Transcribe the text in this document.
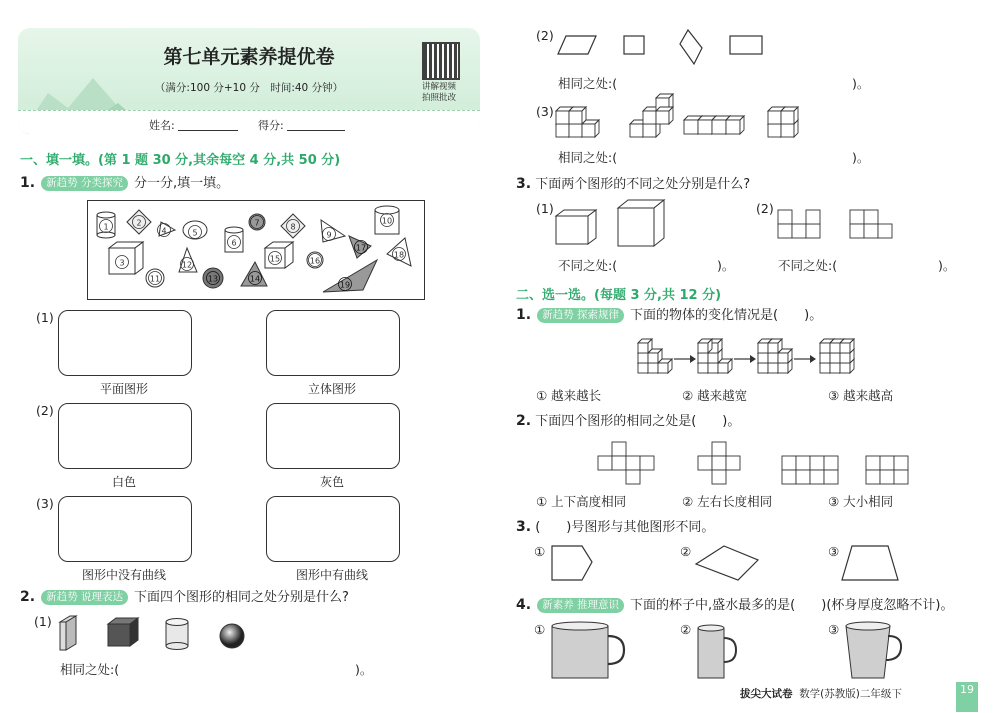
第七单元素养提优卷
（满分:100 分+10 分　时间:40 分钟）	讲解视频
拍照批改
姓名:	得分:
一、填一填。(第 1 题 30 分,其余每空 4 分,共 50 分)
1. 新趋势 分类探究 分一分,填一填。
1	2
3
4	5
6
7	8
9
10
11
12
13	14
15	16
17
18
19
(1)
平面图形	立体图形
(2)
白色	灰色
(3)
图形中没有曲线	图形中有曲线
2. 新趋势 说理表达 下面四个图形的相同之处分别是什么?
(1)
相同之处:(	)。
(2)
相同之处:(	)。
(3)
相同之处:(	)。
3. 下面两个图形的不同之处分别是什么?
(1)	(2)
不同之处:(	)。	不同之处:(	)。
二、选一选。(每题 3 分,共 12 分)
1. 新趋势 探索规律 下面的物体的变化情况是(　　)。
① 越来越长	② 越来越宽	③ 越来越高
2. 下面四个图形的相同之处是(　　)。
① 上下高度相同	② 左右长度相同	③ 大小相同
3. (　　)号图形与其他图形不同。
①	②	③
4. 新素养 推理意识 下面的杯子中,盛水最多的是(　　)(杯身厚度忽略不计)。
①	②	③
拔尖大试卷 数学(苏教版)二年级下	19
